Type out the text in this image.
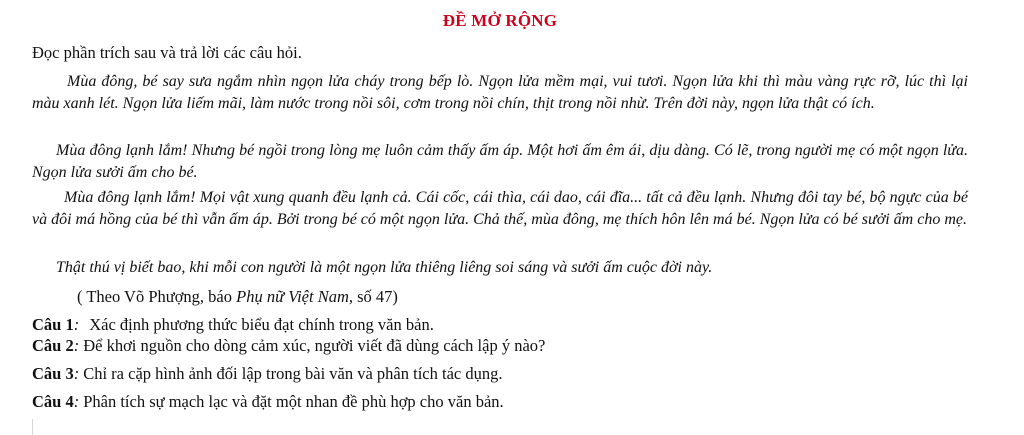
ĐỀ MỞ RỘNG
Đọc phần trích sau và trả lời các câu hỏi.
Mùa đông, bé say sưa ngắm nhìn ngọn lửa cháy trong bếp lò. Ngọn lửa mềm mại, vui tươi. Ngọn lửa khi thì màu vàng rực rỡ, lúc thì lại màu xanh lét. Ngọn lửa liếm mãi, làm nước trong nồi sôi, cơm trong nồi chín, thịt trong nồi nhừ. Trên đời này, ngọn lửa thật có ích.
Mùa đông lạnh lắm! Nhưng bé ngồi trong lòng mẹ luôn cảm thấy ấm áp. Một hơi ấm êm ái, dịu dàng. Có lẽ, trong người mẹ có một ngọn lửa. Ngọn lửa sưởi ấm cho bé.
Mùa đông lạnh lắm! Mọi vật xung quanh đều lạnh cả. Cái cốc, cái thìa, cái dao, cái đĩa... tất cả đều lạnh. Nhưng đôi tay bé, bộ ngực của bé và đôi má hồng của bé thì vẫn ấm áp. Bởi trong bé có một ngọn lửa. Chả thế, mùa đông, mẹ thích hôn lên má bé. Ngọn lửa có bé sưởi ấm cho mẹ.
Thật thú vị biết bao, khi mỗi con người là một ngọn lửa thiêng liêng soi sáng và sưởi ấm cuộc đời này.
( Theo Võ Phượng, báo Phụ nữ Việt Nam, số 47)
Câu 1: Xác định phương thức biểu đạt chính trong văn bản.
Câu 2: Để khơi nguồn cho dòng cảm xúc, người viết đã dùng cách lập ý nào?
Câu 3: Chỉ ra cặp hình ảnh đối lập trong bài văn và phân tích tác dụng.
Câu 4: Phân tích sự mạch lạc và đặt một nhan đề phù hợp cho văn bản.
